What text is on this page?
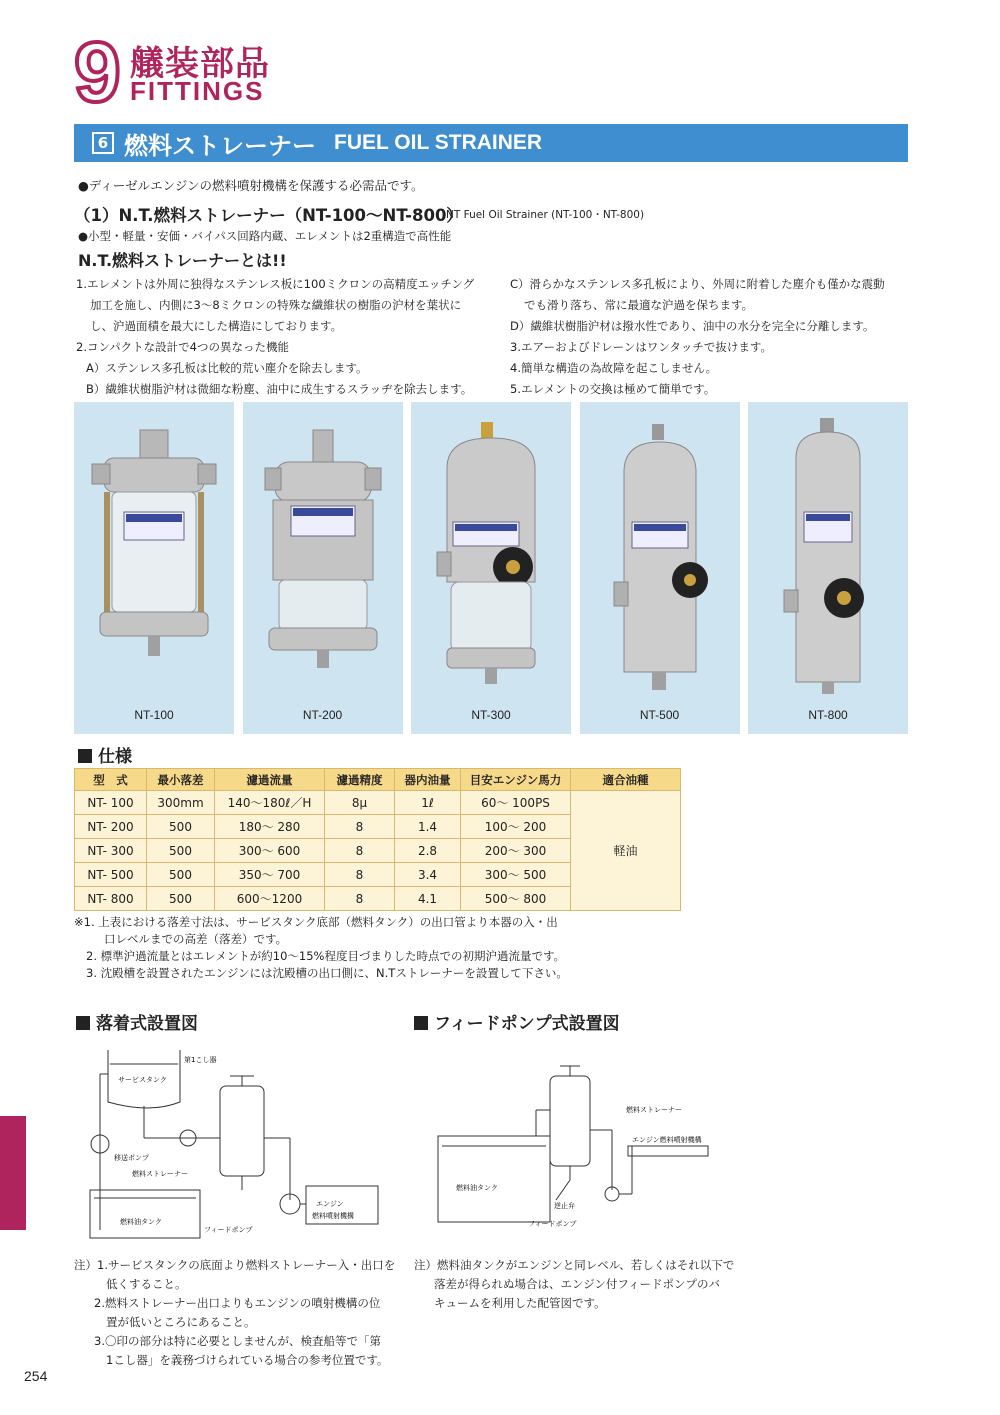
9 艤装部品
FITTINGS
6 燃料ストレーナー FUEL OIL STRAINER
●ディーゼルエンジンの燃料噴射機構を保護する必需品です。
（1）N.T.燃料ストレーナー（NT-100～NT-800）
NT Fuel Oil Strainer (NT-100・NT-800)
●小型・軽量・安価・バイパス回路内蔵、エレメントは2重構造で高性能
N.T.燃料ストレーナーとは!!
1.エレメントは外周に独得なステンレス板に100ミクロンの高精度エッチング
加工を施し、内側に3～8ミクロンの特殊な繊維状の樹脂の沪材を葉状に
し、沪過面積を最大にした構造にしております。
2.コンパクトな設計で4つの異なった機能
A）ステンレス多孔板は比較的荒い塵介を除去します。
B）繊維状樹脂沪材は微細な粉塵、油中に成生するスラッヂを除去します。
C）滑らかなステンレス多孔板により、外周に附着した塵介も僅かな震動
でも滑り落ち、常に最適な沪過を保ちます。
D）繊維状樹脂沪材は撥水性であり、油中の水分を完全に分離します。
3.エアーおよびドレーンはワンタッチで抜けます。
4.簡単な構造の為故障を起こしません。
5.エレメントの交換は極めて簡単です。
NT-100	NT-200	NT-300	NT-500	NT-800
仕様
型　式	最小落差	濾過流量	濾過精度	器内油量	目安エンジン馬力	適合油種
NT- 100	300mm	140～180ℓ／H	8μ	1ℓ	60～ 100PS	軽油
NT- 200	500	180～ 280	8	1.4	100～ 200	
NT- 300	500	300～ 600	8	2.8	200～ 300	
NT- 500	500	350～ 700	8	3.4	300～ 500	
NT- 800	500	600～1200	8	4.1	500～ 800	
※1. 上表における落差寸法は、サービスタンク底部（燃料タンク）の出口管より本器の入・出
口レベルまでの高差（落差）です。
2. 標準沪過流量とはエレメントが約10～15%程度目づまりした時点での初期沪過流量です。
3. 沈殿槽を設置されたエンジンには沈殿槽の出口側に、N.Tストレーナーを設置して下さい。
落着式設置図
サービスタンク
第1こし器
移送ポンプ
燃料ストレーナー
燃料油タンク
フィードポンプ
エンジン
燃料噴射機構
注）1.サービスタンクの底面より燃料ストレーナー入・出口を
低くすること。
2.燃料ストレーナー出口よりもエンジンの噴射機構の位
置が低いところにあること。
3.〇印の部分は特に必要としませんが、検査船等で「第
1こし器」を義務づけられている場合の参考位置です。
フィードポンプ式設置図
燃料ストレーナー
エンジン燃料噴射機構
燃料油タンク
逆止弁
フィードポンプ
注）燃料油タンクがエンジンと同レベル、若しくはそれ以下で
落差が得られぬ場合は、エンジン付フィードポンプのバ
キュームを利用した配管図です。
254
